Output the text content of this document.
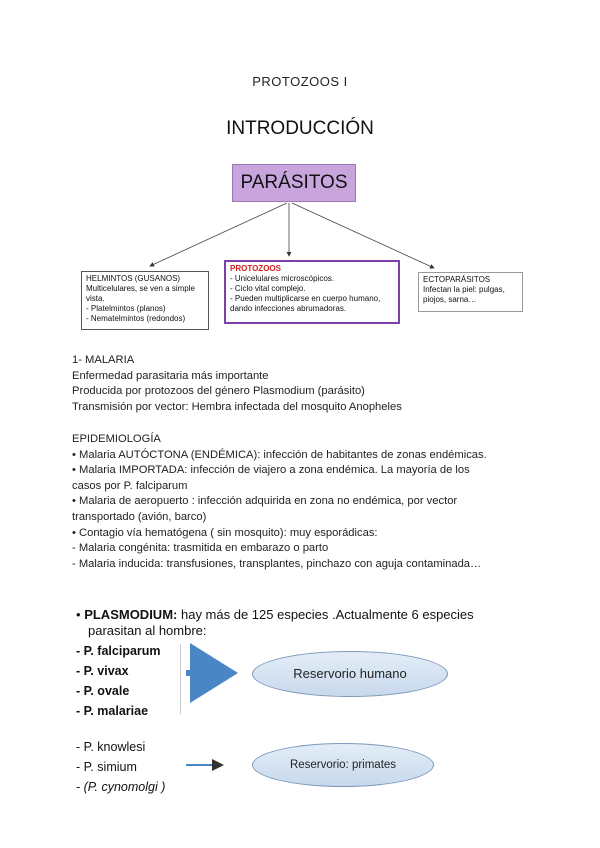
PROTOZOOS I
INTRODUCCIÓN
PARÁSITOS
HELMINTOS (GUSANOS)
Multicelulares, se ven a simple
vista.
- Platelmintos (planos)
- Nematelmintos (redondos)
PROTOZOOS
- Unicelulares microscópicos.
- Ciclo vital complejo.
- Pueden multiplicarse en cuerpo humano,
dando infecciones abrumadoras.
ECTOPARÁSITOS
Infectan la piel: pulgas,
piojos, sarna…
1- MALARIA
Enfermedad parasitaria más importante
Producida por protozoos del género Plasmodium (parásito)
Transmisión por vector: Hembra infectada del mosquito Anopheles
EPIDEMIOLOGÍA
• Malaria AUTÓCTONA (ENDÉMICA): infección de habitantes de zonas endémicas.
• Malaria IMPORTADA: infección de viajero a zona endémica. La mayoría de los
casos por P. falciparum
• Malaria de aeropuerto : infección adquirida en zona no endémica, por vector
transportado (avión, barco)
• Contagio vía hematógena ( sin mosquito): muy esporádicas:
- Malaria congénita: trasmitida en embarazo o parto
- Malaria inducida: transfusiones, transplantes, pinchazo con aguja contaminada…
• PLASMODIUM: hay más de 125 especies .Actualmente 6 especies
parasitan al hombre:
- P. falciparum
- P. vivax
- P. ovale
- P. malariae
Reservorio humano
- P. knowlesi
- P. simium
- (P. cynomolgi )
Reservorio: primates
